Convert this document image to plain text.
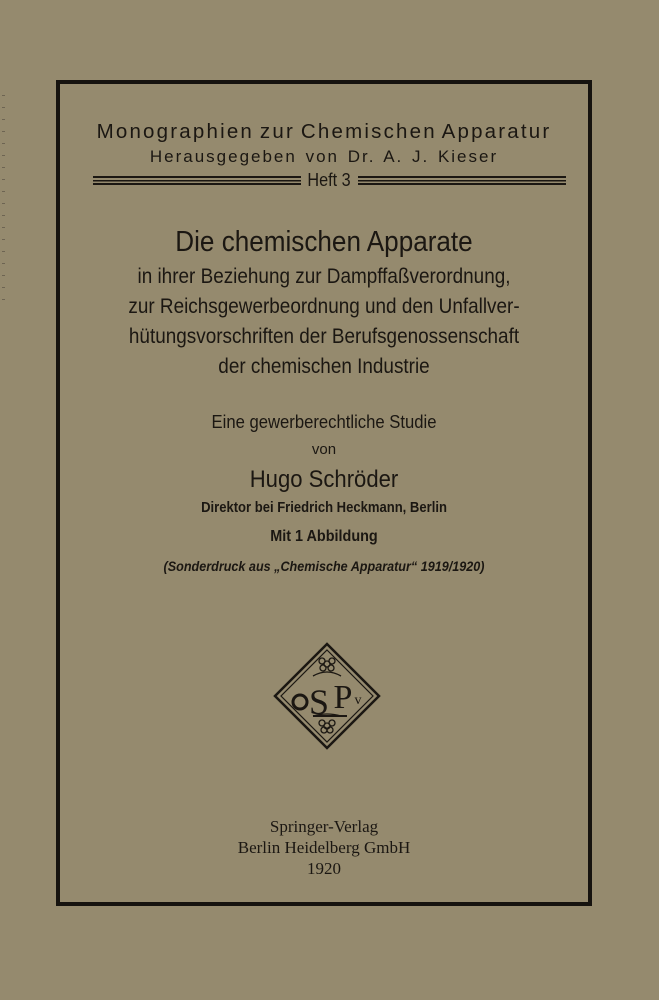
Monographien zur Chemischen Apparatur
Herausgegeben von Dr. A. J. Kieser
Heft 3
Die chemischen Apparate
in ihrer Beziehung zur Dampffaßverordnung,
zur Reichsgewerbeordnung und den Unfallver-
hütungsvorschriften der Berufsgenossenschaft
der chemischen Industrie
Eine gewerberechtliche Studie
von
Hugo Schröder
Direktor bei Friedrich Heckmann, Berlin
Mit 1 Abbildung
(Sonderdruck aus „Chemische Apparatur“ 1919/1920)
S P v
Springer-Verlag
Berlin Heidelberg GmbH
1920
